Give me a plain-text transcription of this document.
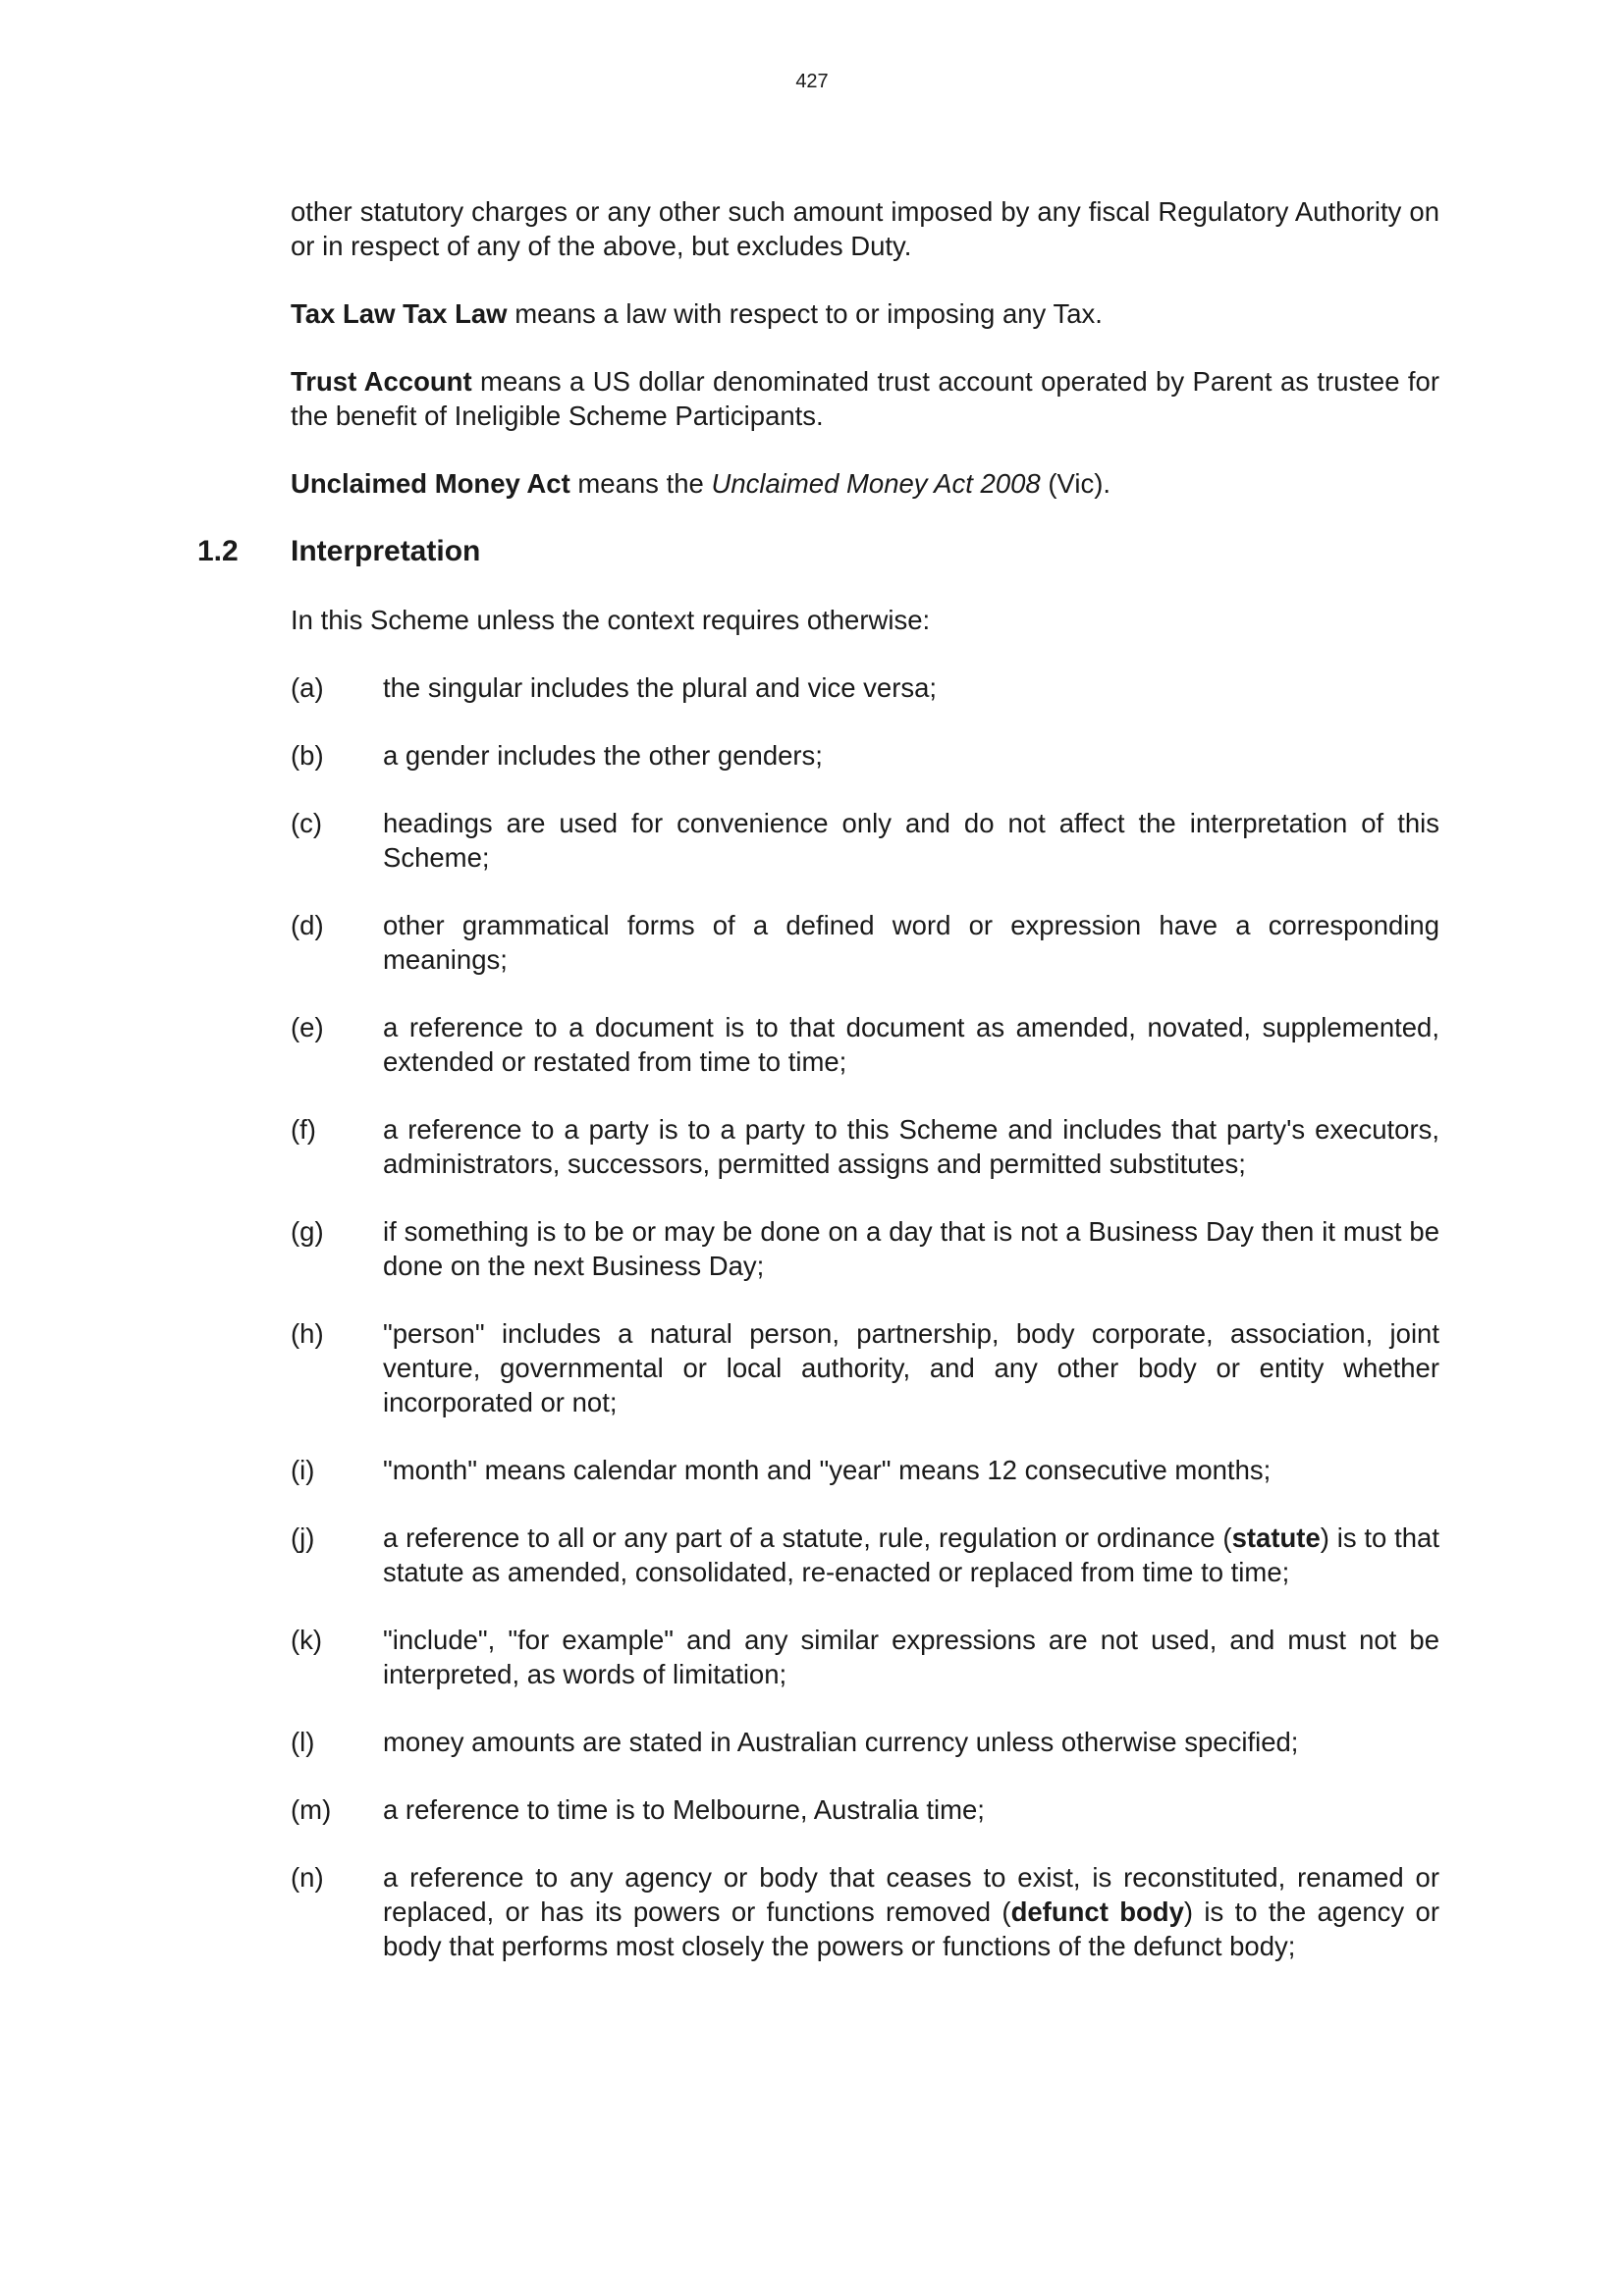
427

other statutory charges or any other such amount imposed by any fiscal Regulatory Authority on or in respect of any of the above, but excludes Duty.

Tax Law Tax Law means a law with respect to or imposing any Tax.

Trust Account means a US dollar denominated trust account operated by Parent as trustee for the benefit of Ineligible Scheme Participants.

Unclaimed Money Act means the Unclaimed Money Act 2008 (Vic).

1.2 Interpretation

In this Scheme unless the context requires otherwise:

(a)	the singular includes the plural and vice versa;
(b)	a gender includes the other genders;
(c)	headings are used for convenience only and do not affect the interpretation of this Scheme;
(d)	other grammatical forms of a defined word or expression have a corresponding meanings;
(e)	a reference to a document is to that document as amended, novated, supplemented, extended or restated from time to time;
(f)	a reference to a party is to a party to this Scheme and includes that party's executors, administrators, successors, permitted assigns and permitted substitutes;
(g)	if something is to be or may be done on a day that is not a Business Day then it must be done on the next Business Day;
(h)	"person" includes a natural person, partnership, body corporate, association, joint venture, governmental or local authority, and any other body or entity whether incorporated or not;
(i)	"month" means calendar month and "year" means 12 consecutive months;
(j)	a reference to all or any part of a statute, rule, regulation or ordinance (statute) is to that statute as amended, consolidated, re-enacted or replaced from time to time;
(k)	"include", "for example" and any similar expressions are not used, and must not be interpreted, as words of limitation;
(l)	money amounts are stated in Australian currency unless otherwise specified;
(m)	a reference to time is to Melbourne, Australia time;
(n)	a reference to any agency or body that ceases to exist, is reconstituted, renamed or replaced, or has its powers or functions removed (defunct body) is to the agency or body that performs most closely the powers or functions of the defunct body;
